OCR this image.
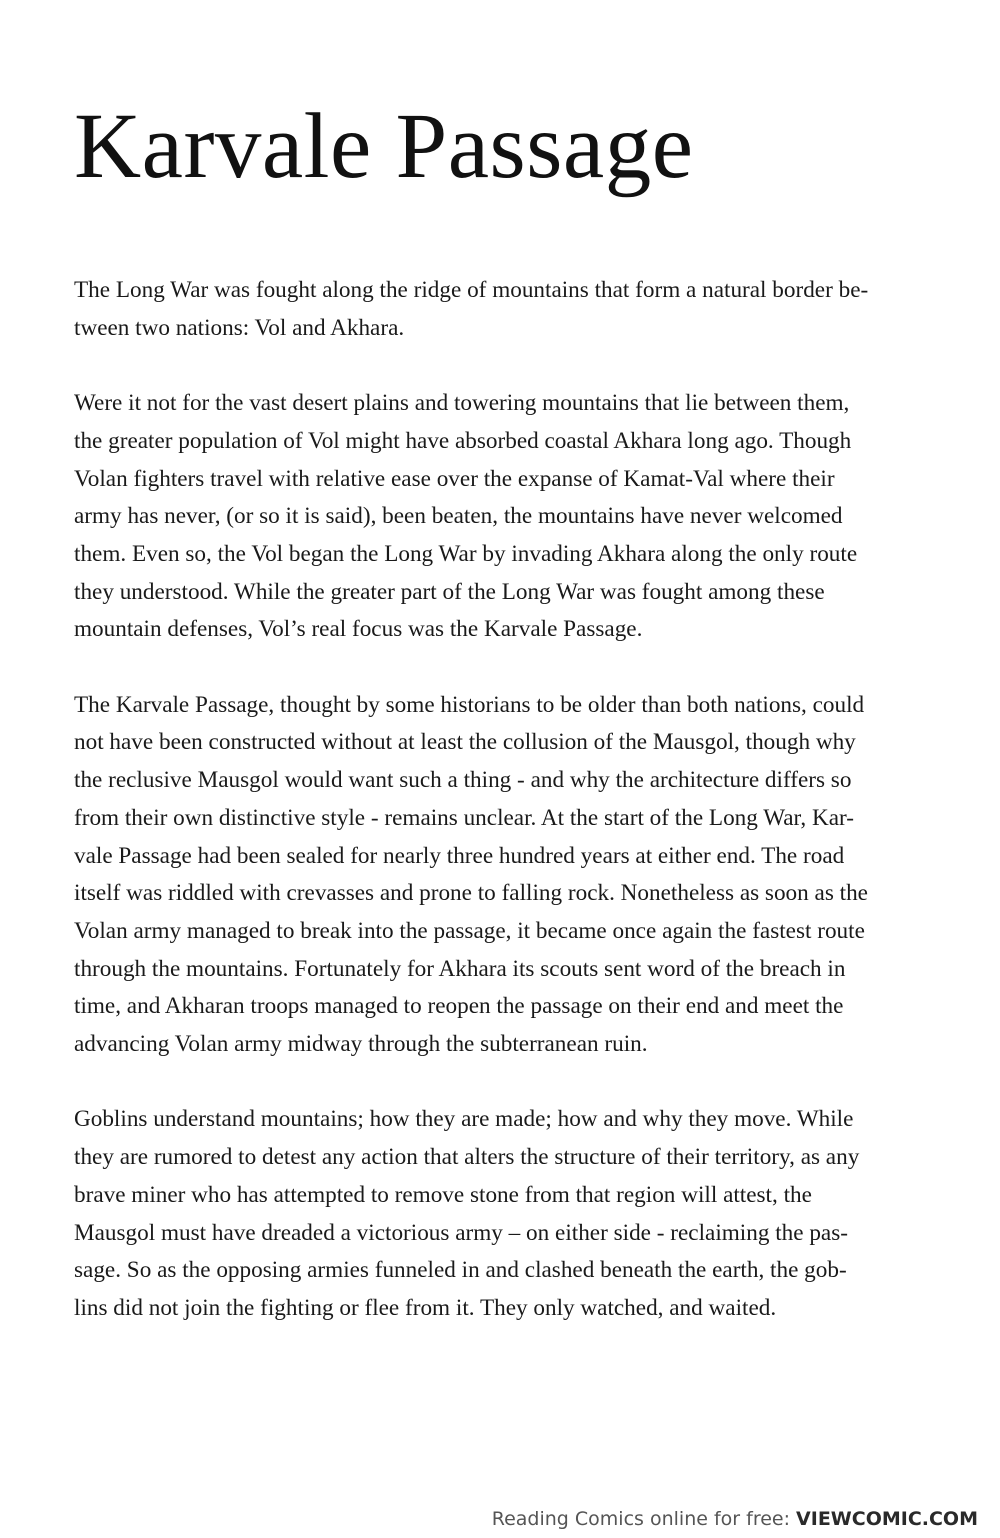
Karvale Passage

The Long War was fought along the ridge of mountains that form a natural border be-
tween two nations: Vol and Akhara.

Were it not for the vast desert plains and towering mountains that lie between them,
the greater population of Vol might have absorbed coastal Akhara long ago. Though
Volan fighters travel with relative ease over the expanse of Kamat-Val where their
army has never, (or so it is said), been beaten, the mountains have never welcomed
them. Even so, the Vol began the Long War by invading Akhara along the only route
they understood. While the greater part of the Long War was fought among these
mountain defenses, Vol’s real focus was the Karvale Passage.

The Karvale Passage, thought by some historians to be older than both nations, could
not have been constructed without at least the collusion of the Mausgol, though why
the reclusive Mausgol would want such a thing - and why the architecture differs so
from their own distinctive style - remains unclear. At the start of the Long War, Kar-
vale Passage had been sealed for nearly three hundred years at either end. The road
itself was riddled with crevasses and prone to falling rock. Nonetheless as soon as the
Volan army managed to break into the passage, it became once again the fastest route
through the mountains. Fortunately for Akhara its scouts sent word of the breach in
time, and Akharan troops managed to reopen the passage on their end and meet the
advancing Volan army midway through the subterranean ruin.

Goblins understand mountains; how they are made; how and why they move. While
they are rumored to detest any action that alters the structure of their territory, as any
brave miner who has attempted to remove stone from that region will attest, the
Mausgol must have dreaded a victorious army – on either side - reclaiming the pas-
sage. So as the opposing armies funneled in and clashed beneath the earth, the gob-
lins did not join the fighting or flee from it. They only watched, and waited.

Reading Comics online for free: VIEWCOMIC.COM
